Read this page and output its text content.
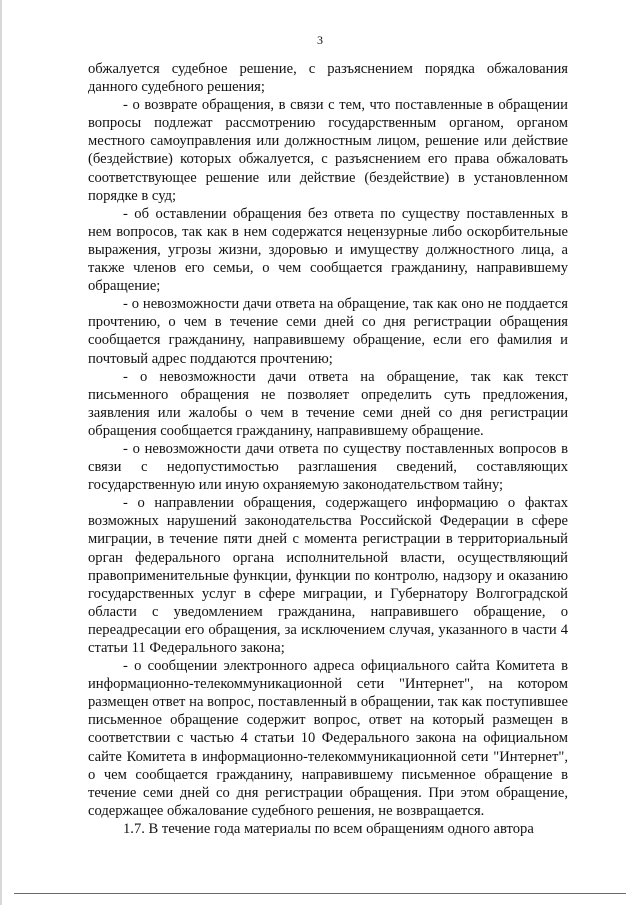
3

обжалуется судебное решение, с разъяснением порядка обжалования данного судебного решения;

- о возврате обращения, в связи с тем, что поставленные в обращении вопросы подлежат рассмотрению государственным органом, органом местного самоуправления или должностным лицом, решение или действие (бездействие) которых обжалуется, с разъяснением его права обжаловать соответствующее решение или действие (бездействие) в установленном порядке в суд;

- об оставлении обращения без ответа по существу поставленных в нем вопросов, так как в нем содержатся нецензурные либо оскорбительные выражения, угрозы жизни, здоровью и имуществу должностного лица, а также членов его семьи, о чем сообщается гражданину, направившему обращение;

- о невозможности дачи ответа на обращение, так как оно не поддается прочтению, о чем в течение семи дней со дня регистрации обращения сообщается гражданину, направившему обращение, если его фамилия и почтовый адрес поддаются прочтению;

- о невозможности дачи ответа на обращение, так как текст письменного обращения не позволяет определить суть предложения, заявления или жалобы о чем в течение семи дней со дня регистрации обращения сообщается гражданину, направившему обращение.

- о невозможности дачи ответа по существу поставленных вопросов в связи с недопустимостью разглашения сведений, составляющих государственную или иную охраняемую законодательством тайну;

- о направлении обращения, содержащего информацию о фактах возможных нарушений законодательства Российской Федерации в сфере миграции, в течение пяти дней с момента регистрации в территориальный орган федерального органа исполнительной власти, осуществляющий правоприменительные функции, функции по контролю, надзору и оказанию государственных услуг в сфере миграции, и Губернатору Волгоградской области с уведомлением гражданина, направившего обращение, о переадресации его обращения, за исключением случая, указанного в части 4 статьи 11 Федерального закона;

- о сообщении электронного адреса официального сайта Комитета в информационно-телекоммуникационной сети "Интернет", на котором размещен ответ на вопрос, поставленный в обращении, так как поступившее письменное обращение содержит вопрос, ответ на который размещен в соответствии с частью 4 статьи 10 Федерального закона на официальном сайте Комитета в информационно-телекоммуникационной сети "Интернет", о чем сообщается гражданину, направившему письменное обращение в течение семи дней со дня регистрации обращения. При этом обращение, содержащее обжалование судебного решения, не возвращается.

1.7. В течение года материалы по всем обращениям одного автора
